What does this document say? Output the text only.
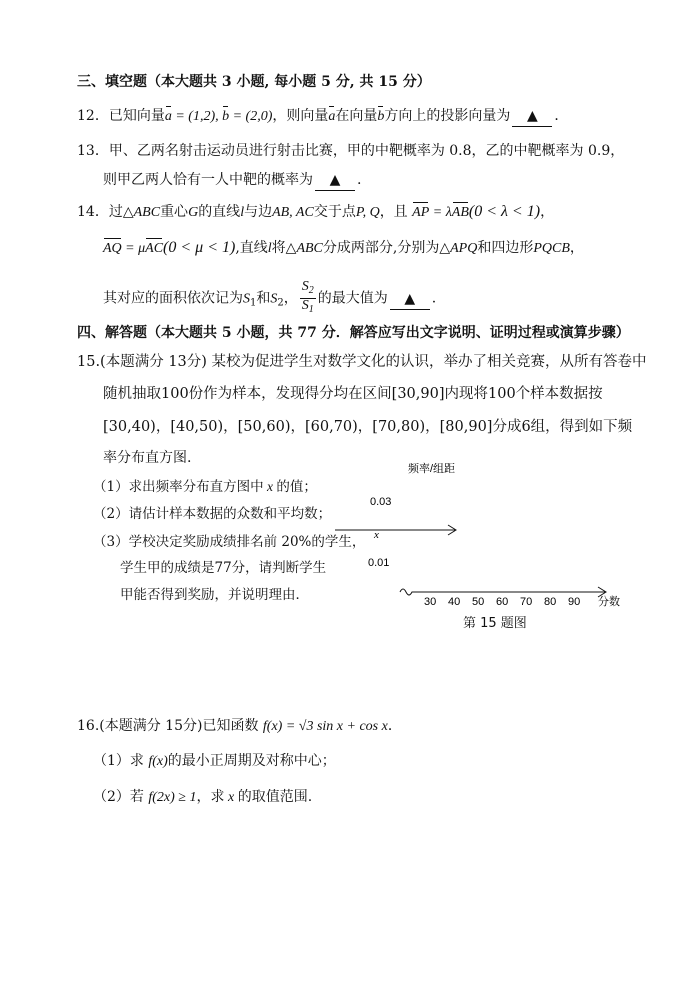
三、填空题（本大题共 3 小题, 每小题 5 分, 共 15 分）
12．已知向量a = (1,2), b = (2,0)，则向量a在向量b方向上的投影向量为 ▲ ．
13．甲、乙两名射击运动员进行射击比赛，甲的中靶概率为 0.8，乙的中靶概率为 0.9，
则甲乙两人恰有一人中靶的概率为 ▲ .
14．过△ABC重心G的直线l与边AB, AC交于点P, Q，且 AP = λAB(0 < λ < 1)，
AQ = μAC(0 < μ < 1),直线l将△ABC分成两部分,分别为△APQ和四边形PQCB，
其对应的面积依次记为$S_1$和$S_2$， $\frac{S_2}{S_1}$ 的最大值为 ▲ .
四、解答题（本大题共 5 小题，共 77 分．解答应写出文字说明、证明过程或演算步骤）
15.(本题满分 13分) 某校为促进学生对数学文化的认识，举办了相关竞赛，从所有答卷中
随机抽取100份作为样本，发现得分均在区间[30,90]内现将100个样本数据按
[30,40)，[40,50)，[50,60)，[60,70)，[70,80)，[80,90]分成6组，得到如下频
率分布直方图.
（1）求出频率分布直方图中 x 的值；
（2）请估计样本数据的众数和平均数；
（3）学校决定奖励成绩排名前 20%的学生，
学生甲的成绩是77分，请判断学生
甲能否得到奖励，并说明理由．
频率/组距
0.03
x
0.01
30 40 50 60 70 80 90 分数
第 15 题图
16.(本题满分 15分)已知函数 f(x) = √3 sin x + cos x．
（1）求 f(x)的最小正周期及对称中心；
（2）若 f(2x) ≥ 1，求 x 的取值范围.
